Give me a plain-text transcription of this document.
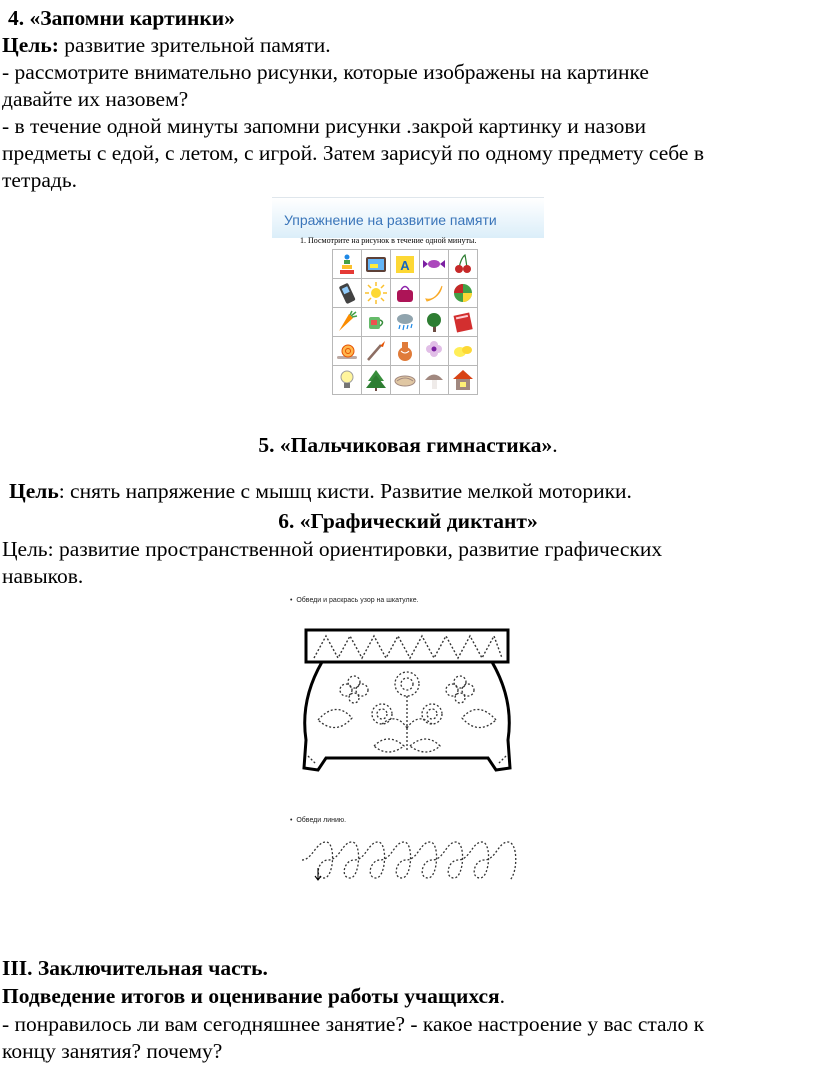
4. «Запомни картинки»
Цель: развитие зрительной памяти.
- рассмотрите внимательно рисунки, которые изображены на картинке
давайте их назовем?
- в течение одной минуты запомни рисунки .закрой картинку и назови
предметы с едой, с летом, с игрой. Затем зарисуй по одному предмету себе в
тетрадь.
Упражнение на развитие памяти
1. Посмотрите на рисунок в течение одной минуты.
A
5. «Пальчиковая гимнастика».
Цель: снять напряжение с мышц кисти. Развитие мелкой моторики.
6. «Графический диктант»
Цель: развитие пространственной ориентировки, развитие графических
навыков.
•  Обведи и раскрась узор на шкатулке.
•  Обведи линию.
III. Заключительная часть.
Подведение итогов и оценивание работы учащихся.
- понравилось ли вам сегодняшнее занятие? - какое настроение у вас стало к
концу занятия? почему?
